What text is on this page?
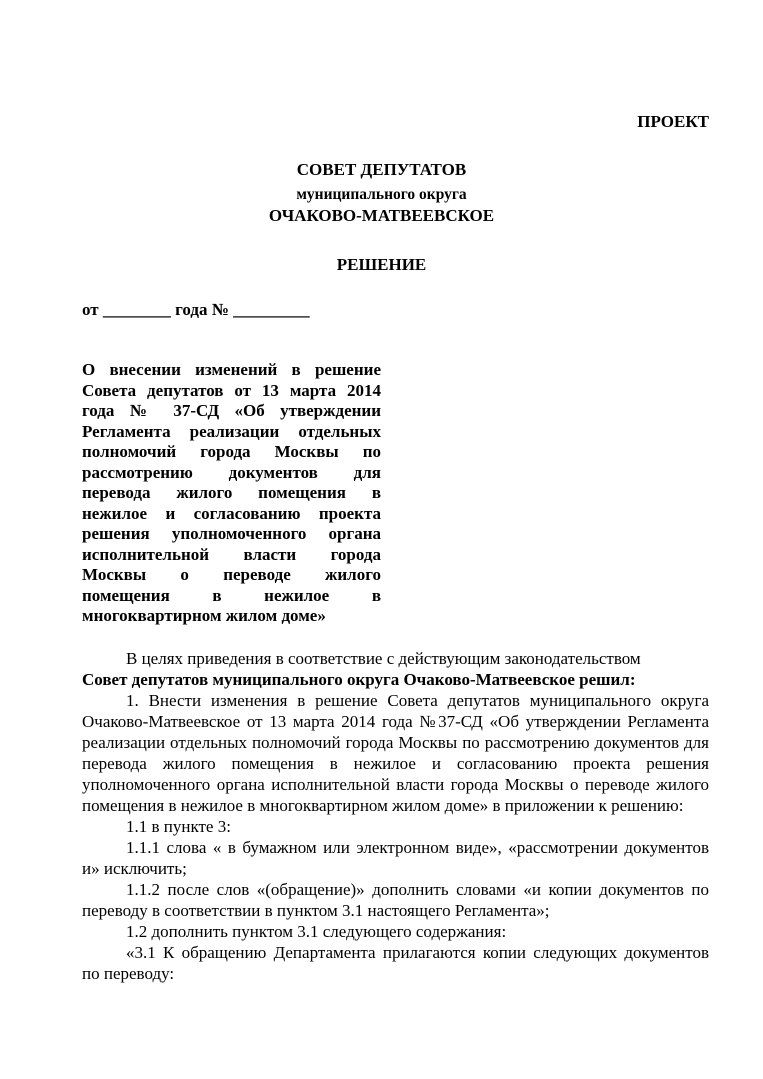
ПРОЕКТ
СОВЕТ ДЕПУТАТОВ
муниципального округа
ОЧАКОВО-МАТВЕЕВСКОЕ
РЕШЕНИЕ
от ________ года № _________
О внесении изменений в решение Совета депутатов от 13 марта 2014 года № 37-СД «Об утверждении Регламента реализации отдельных полномочий города Москвы по рассмотрению документов для перевода жилого помещения в нежилое и согласованию проекта решения уполномоченного органа исполнительной власти города Москвы о переводе жилого помещения в нежилое в многоквартирном жилом доме»

В целях приведения в соответствие с действующим законодательством

Совет депутатов муниципального округа Очаково-Матвеевское решил:

1. Внести изменения в решение Совета депутатов муниципального округа Очаково-Матвеевское от 13 марта 2014 года №37-СД «Об утверждении Регламента реализации отдельных полномочий города Москвы по рассмотрению документов для перевода жилого помещения в нежилое и согласованию проекта решения уполномоченного органа исполнительной власти города Москвы о переводе жилого помещения в нежилое в многоквартирном жилом доме» в приложении к решению:

1.1 в пункте 3:

1.1.1 слова « в бумажном или электронном виде», «рассмотрении документов и» исключить;

1.1.2 после слов «(обращение)» дополнить словами «и копии документов по переводу в соответствии в пунктом 3.1 настоящего Регламента»;

1.2 дополнить пунктом 3.1 следующего содержания:

«3.1 К обращению Департамента прилагаются копии следующих документов по переводу:
